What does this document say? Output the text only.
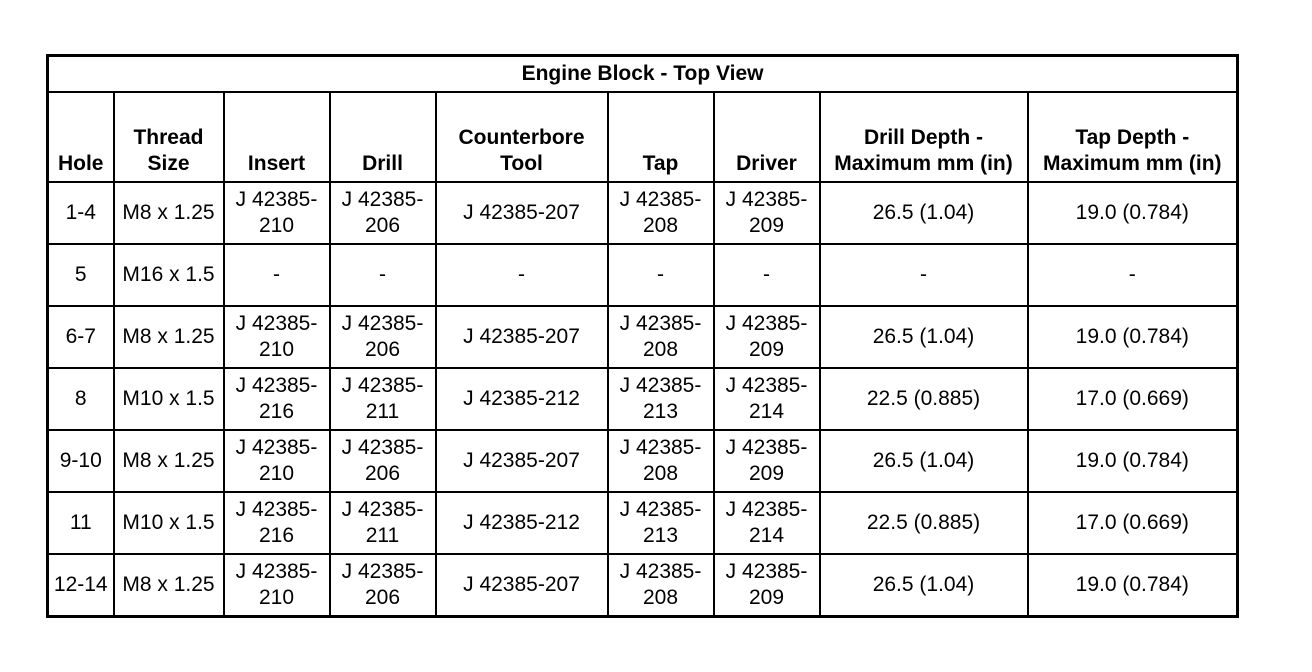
Engine Block - Top View								
Hole	Thread Size	Insert	Drill	Counterbore Tool	Tap	Driver	Drill Depth - Maximum mm (in)	Tap Depth - Maximum mm (in)
1-4	M8 x 1.25	J 42385-210	J 42385-206	J 42385-207	J 42385-208	J 42385-209	26.5 (1.04)	19.0 (0.784)
5	M16 x 1.5	-	-	-	-	-	-	-
6-7	M8 x 1.25	J 42385-210	J 42385-206	J 42385-207	J 42385-208	J 42385-209	26.5 (1.04)	19.0 (0.784)
8	M10 x 1.5	J 42385-216	J 42385-211	J 42385-212	J 42385-213	J 42385-214	22.5 (0.885)	17.0 (0.669)
9-10	M8 x 1.25	J 42385-210	J 42385-206	J 42385-207	J 42385-208	J 42385-209	26.5 (1.04)	19.0 (0.784)
11	M10 x 1.5	J 42385-216	J 42385-211	J 42385-212	J 42385-213	J 42385-214	22.5 (0.885)	17.0 (0.669)
12-14	M8 x 1.25	J 42385-210	J 42385-206	J 42385-207	J 42385-208	J 42385-209	26.5 (1.04)	19.0 (0.784)
